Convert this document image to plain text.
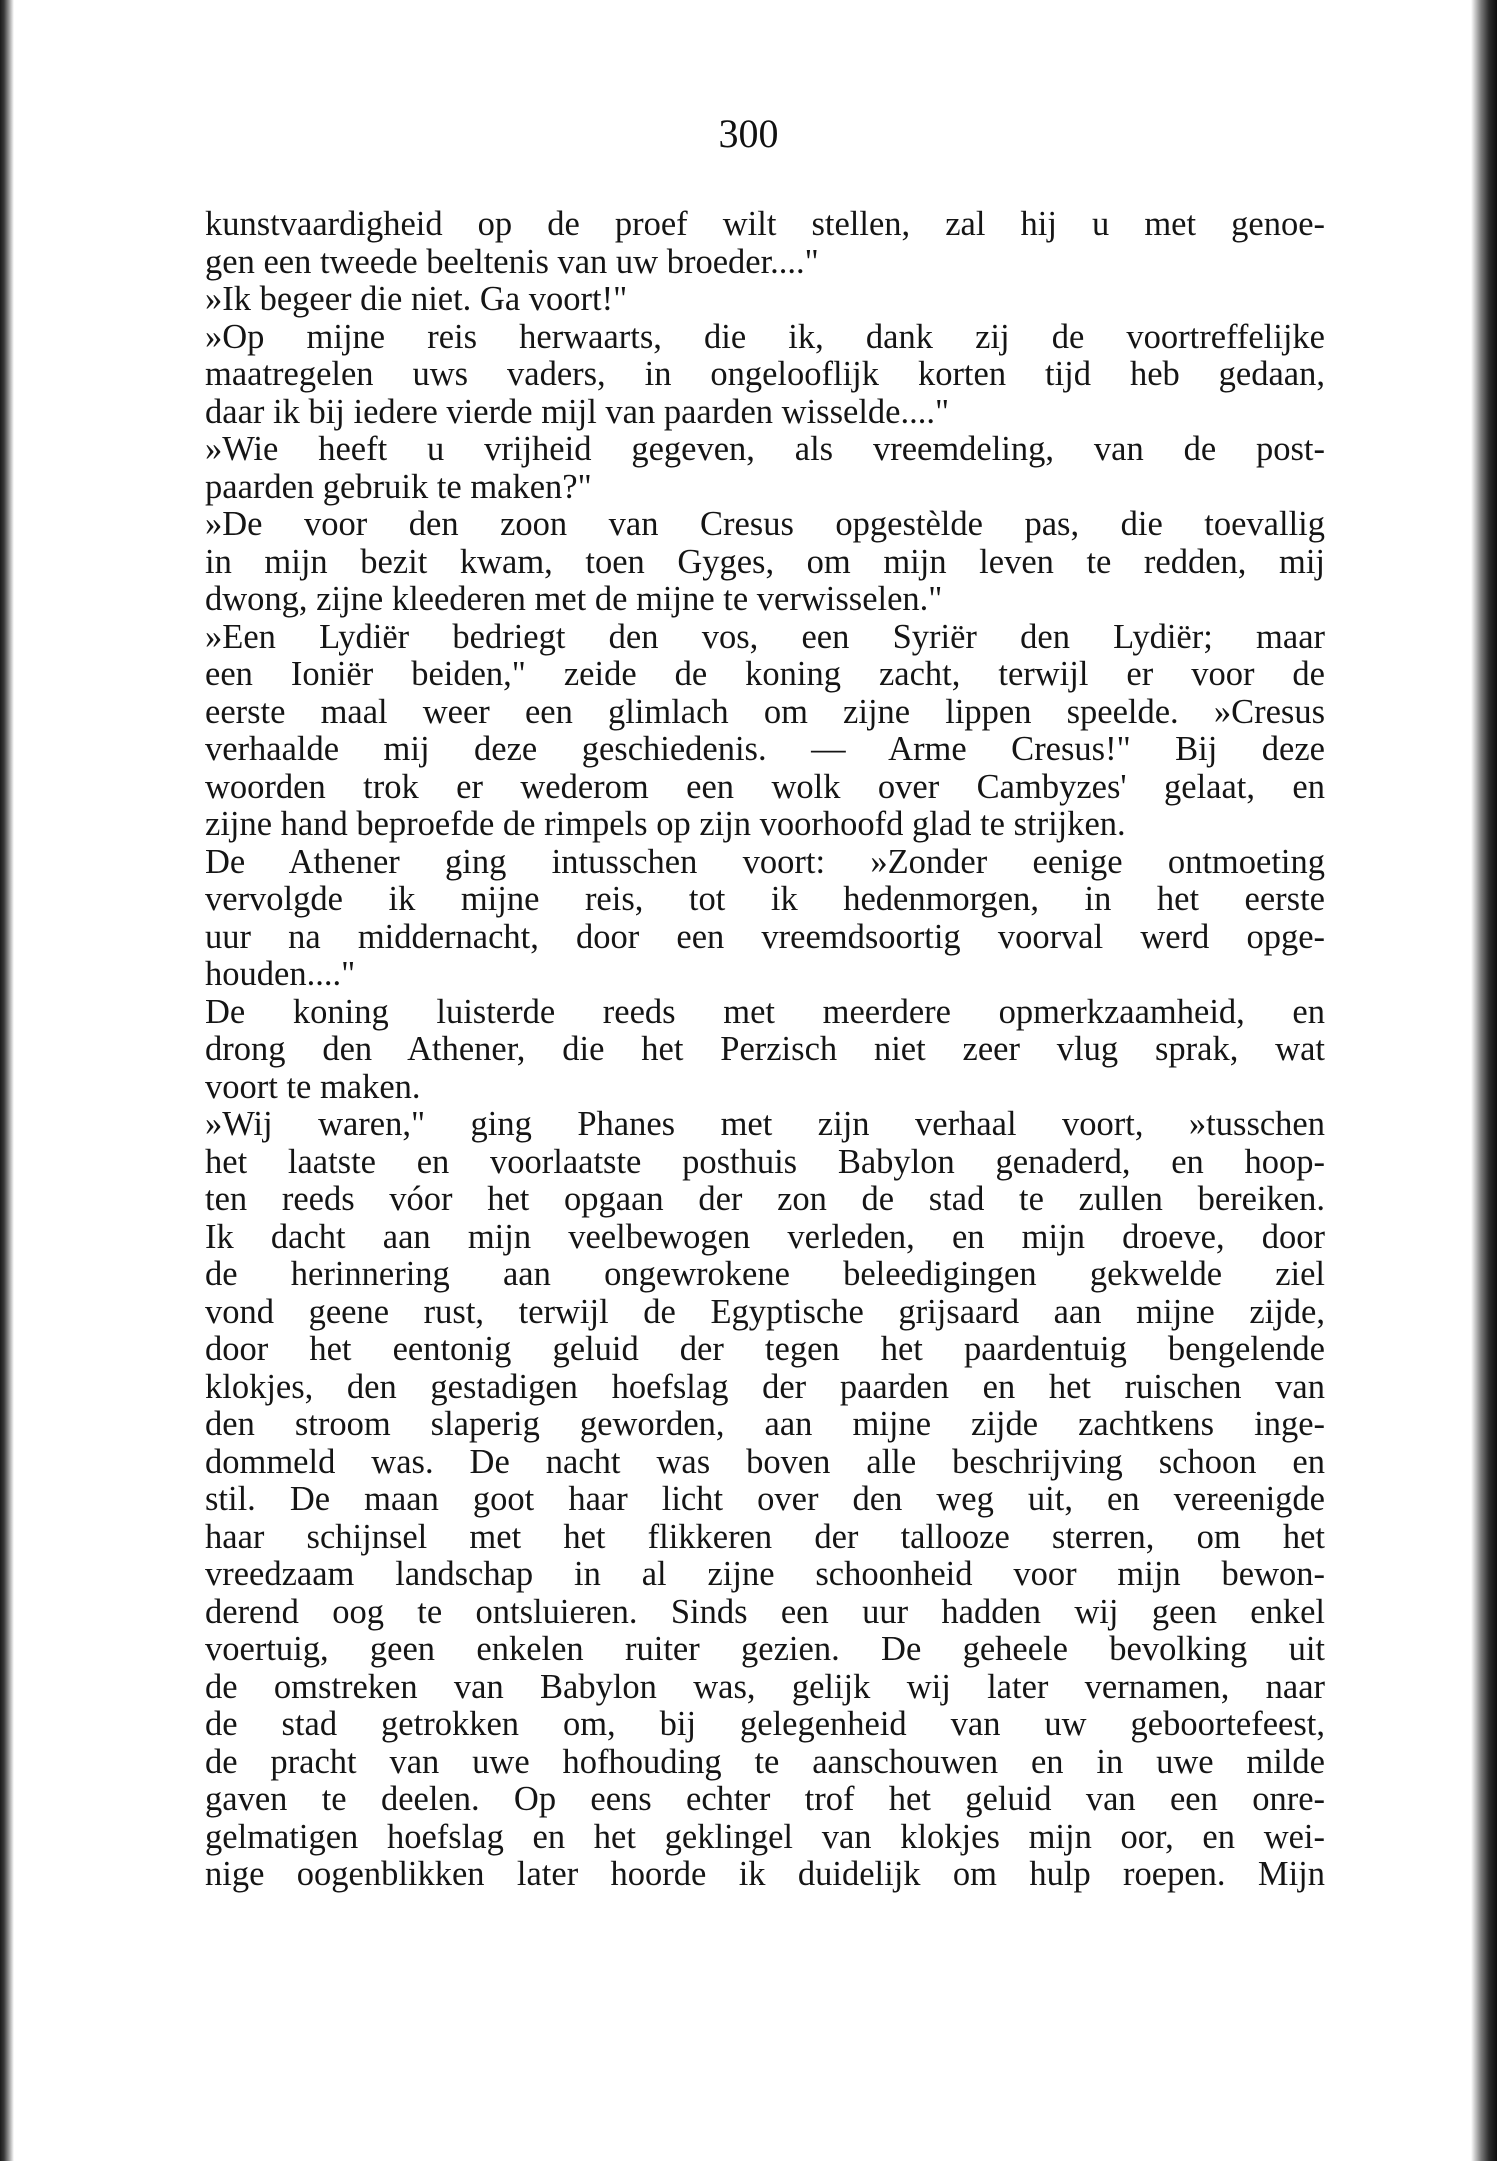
300
kunstvaardigheid op de proef wilt stellen, zal hij u met genoe-
gen een tweede beeltenis van uw broeder...."
»Ik begeer die niet. Ga voort!"
»Op mijne reis herwaarts, die ik, dank zij de voortreffelijke
maatregelen uws vaders, in ongelooflijk korten tijd heb gedaan,
daar ik bij iedere vierde mijl van paarden wisselde...."
»Wie heeft u vrijheid gegeven, als vreemdeling, van de post-
paarden gebruik te maken?"
»De voor den zoon van Cresus opgestèlde pas, die toevallig
in mijn bezit kwam, toen Gyges, om mijn leven te redden, mij
dwong, zijne kleederen met de mijne te verwisselen."
»Een Lydiër bedriegt den vos, een Syriër den Lydiër; maar
een Ioniër beiden," zeide de koning zacht, terwijl er voor de
eerste maal weer een glimlach om zijne lippen speelde. »Cresus
verhaalde mij deze geschiedenis. — Arme Cresus!" Bij deze
woorden trok er wederom een wolk over Cambyzes' gelaat, en
zijne hand beproefde de rimpels op zijn voorhoofd glad te strijken.
De Athener ging intusschen voort: »Zonder eenige ontmoeting
vervolgde ik mijne reis, tot ik hedenmorgen, in het eerste
uur na middernacht, door een vreemdsoortig voorval werd opge-
houden...."
De koning luisterde reeds met meerdere opmerkzaamheid, en
drong den Athener, die het Perzisch niet zeer vlug sprak, wat
voort te maken.
»Wij waren," ging Phanes met zijn verhaal voort, »tusschen
het laatste en voorlaatste posthuis Babylon genaderd, en hoop-
ten reeds vóor het opgaan der zon de stad te zullen bereiken.
Ik dacht aan mijn veelbewogen verleden, en mijn droeve, door
de herinnering aan ongewrokene beleedigingen gekwelde ziel
vond geene rust, terwijl de Egyptische grijsaard aan mijne zijde,
door het eentonig geluid der tegen het paardentuig bengelende
klokjes, den gestadigen hoefslag der paarden en het ruischen van
den stroom slaperig geworden, aan mijne zijde zachtkens inge-
dommeld was. De nacht was boven alle beschrijving schoon en
stil. De maan goot haar licht over den weg uit, en vereenigde
haar schijnsel met het flikkeren der tallooze sterren, om het
vreedzaam landschap in al zijne schoonheid voor mijn bewon-
derend oog te ontsluieren. Sinds een uur hadden wij geen enkel
voertuig, geen enkelen ruiter gezien. De geheele bevolking uit
de omstreken van Babylon was, gelijk wij later vernamen, naar
de stad getrokken om, bij gelegenheid van uw geboortefeest,
de pracht van uwe hofhouding te aanschouwen en in uwe milde
gaven te deelen. Op eens echter trof het geluid van een onre-
gelmatigen hoefslag en het geklingel van klokjes mijn oor, en wei-
nige oogenblikken later hoorde ik duidelijk om hulp roepen. Mijn
